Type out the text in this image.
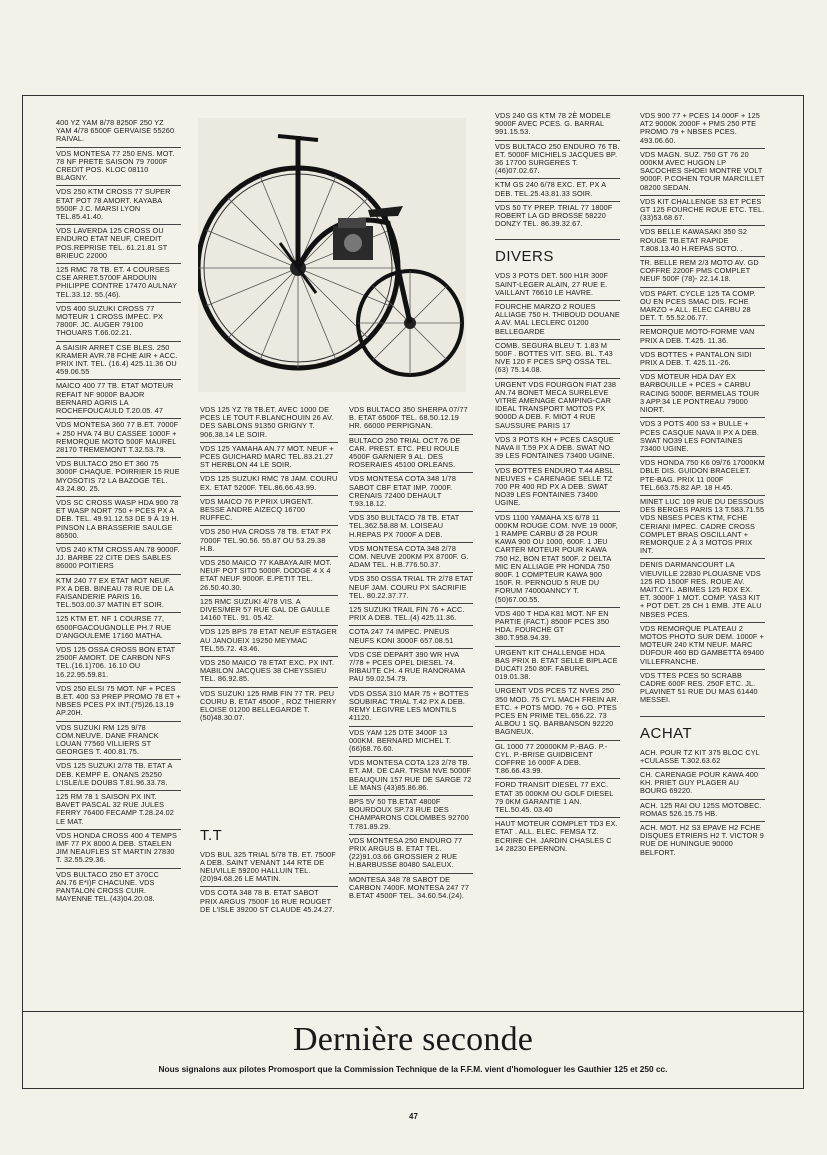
400 YZ YAM 8/78 8250F 250 YZ YAM 4/78 6500F GERVAISE 55260 RAIVAL.

VDS MONTESA 77 250 ENS. MOT. 78 NF PRETE SAISON 79 7000F CREDIT POS. KLOC 08110 BLAGNY.

VDS 250 KTM CROSS 77 SUPER ETAT POT 78 AMORT. KAYABA 5500F J.C. MARSI LYON TEL.85.41.40.

VDS LAVERDA 125 CROSS OU ENDURO ETAT NEUF, CREDIT POS.REPRISE TEL. 61.21.81 ST BRIEUC 22000

125 RMC 78 TB. ET. 4 COURSES CSE ARRET.5700F ARDOUIN PHILIPPE CONTRE 17470 AULNAY TEL.33.12. 55.(46).

VDS 400 SUZUKI CROSS 77 MOTEUR 1 CROSS IMPEC. PX 7800F. JC. AUGER 79100 THOUARS T.66.02.21.

A SAISIR ARRET CSE BLES. 250 KRAMER AVR.78 FCHE AIR + ACC. PRIX INT. TEL. (16.4) 425.11.36 OU 459.06.55

MAICO 400 77 TB. ETAT MOTEUR REFAIT NF 9000F BAJOR BERNARD AGRIS LA ROCHEFOUCAULD T.20.05. 47

VDS MONTESA 360 77 B.ET. 7000F + 250 HVA 74 BU CASSEE 1000F + REMORQUE MOTO 500F MAUREL 28170 TREMEMONT T.32.53.79.

VDS BULTACO 250 ET 360 75 3000F CHAQUE. POIRRIER 15 RUE MYOSOTIS 72 LA BAZOGE TEL. 43.24.80. 25.

VDS SC CROSS WASP HDA 900 78 ET WASP NORT 750 + PCES PX A DEB. TEL. 49.91.12.53 DE 9 À 19 H. PINSON LA BRASSERIE SAULGE 86500.

VDS 240 KTM CROSS AN.78 9000F. JJ. BARBE 22 CITE DES SABLES 86000 POITIERS

KTM 240 77 EX ETAT MOT NEUF. PX A DEB. BINEAU 78 RUE DE LA FAISANDERIE PARIS 16. TEL.503.00.37 MATIN ET SOIR.

125 KTM ET. NF 1 COURSE 77, 6500FGACOUGNOLLE PH.7 RUE D'ANGOULEME 17160 MATHA.

VDS 125 OSSA CROSS BON ETAT 2500F AMORT. DE CARBON NFS TEL.(16.1)706. 16.10 OU 16.22.95.59.81.

VDS 250 ELSI 75 MOT. NF + PCES B.ET. 400 S3 PREP PROMO 78 ET + NBSES PCES PX INT.(75)26.13.19 AP.20H.

VDS SUZUKI RM 125 9/78 COM.NEUVE. DANE FRANCK LOUAN 77560 VILLIERS ST GEORGES T. 400.81.75.

VDS 125 SUZUKI 2/78 TB. ETAT A DEB. KEMPF E. ONANS 25250 L'ISLE/LE DOUBS T.81.96.33.78.

125 RM 78 1 SAISON PX INT. BAVET PASCAL 32 RUE JULES FERRY 76400 FECAMP T.28.24.02 LE MAT.

VDS HONDA CROSS 400 4 TEMPS IMF 77 PX 8000 A DEB. STAELEN JIM NEAUFLES ST MARTIN 27830 T. 32.55.29.36.

VDS BULTACO 250 ET 370CC AN.76 E*I)F CHACUNE. VDS PANTALON CROSS CUIR. MAYENNE TEL.(43)04.20.08.

VDS 125 YZ 78 TB.ET. AVEC 1000 DE PCES LE TOUT F.BLANCHOUIN 26 AV. DES SABLONS 91350 GRIGNY T. 906.38.14 LE SOIR.

VDS 125 YAMAHA AN.77 MOT. NEUF + PCES GUICHARD MARC TEL.83.21.27 ST HERBLON 44 LE SOIR.

VDS 125 SUZUKI RMC 78 JAM. COURU EX. ETAT 5200F. TEL.86.66.43.99.

VDS MAICO 76 P.PRIX URGENT. BESSE ANDRE AIZECQ 16700 RUFFEC.

VDS 250 HVA CROSS 78 TB. ETAT PX 7000F TEL.90.56. 55.87 OU 53.29.38 H.B.

VDS 250 MAICO 77 KABAYA AIR MOT. NEUF POT SITO 5000F. DODGE 4 X 4 ETAT NEUF 9000F. E.PETIT TEL. 26.50.40.30.

125 RMC SUZUKI 4/78 VIS. A DIVES/MER 57 RUE GAL DE GAULLE 14160 TEL. 91. 05.42.

VDS 125 BPS 78 ETAT NEUF ESTAGER AU JANOUEIX 19250 MEYMAC TEL.55.72. 43.46.

VDS 250 MAICO 78 ETAT EXC. PX INT. MABILON JACQUES 38 CHEYSSIEU TEL. 86.92.85.

VDS SUZUKI 125 RMB FIN 77 TR. PEU COURU B. ETAT 4500F , ROZ THIERRY ELOISE 01200 BELLEGARDE T. (50)48.30.07.

T.T

VDS BUL 325 TRIAL 5/78 TB. ET. 7500F A DEB. SAINT VENANT 144 RTE DE NEUVILLE 59200 HALLUIN TEL. (20)94.68.26 LE MATIN.

VDS COTA 348 78 B. ETAT SABOT PRIX ARGUS 7500F 16 RUE ROUGET DE L'ISLE 39200 ST CLAUDE 45.24.27.

VDS BULTACO 350 SHERPA 07/77 B. ETAT 6500F TEL. 68.50.12.19 HR. 66000 PERPIGNAN.

BULTACO 250 TRIAL OCT.76 DE CAR. PREST. ETC. PEU ROULE 4500F GARNIER 9 AL. DES ROSERAIES 45100 ORLEANS.

VDS MONTESA COTA 348 1/78 SABOT CBF ETAT IMP. 7000F. CRENAIS 72400 DEHAULT T.93.18.12.

VDS 350 BULTACO 78 TB. ETAT TEL.362.58.88 M. LOISEAU H.REPAS PX 7000F A DEB.

VDS MONTESA COTA 348 2/78 COM. NEUVE 200KM PX 8700F. G. ADAM TEL. H.B.776.50.37.

VDS 350 OSSA TRIAL TR 2/78 ETAT NEUF JAM. COURU PX SACRIFIE TEL. 80.22.37.77.

125 SUZUKI TRAIL FIN 76 + ACC. PRIX A DEB. TEL.(4) 425.11.36.

COTA 247 74 IMPEC. PNEUS NEUFS KONI 3000F 657.08.51

VDS CSE DEPART 390 WR HVA 7/78 + PCES OPEL DIESEL 74. RIBAUTE CH. 4 RUE RANORAMA PAU 59.02.54.79.

VDS OSSA 310 MAR 75 + BOTTES SOUBIRAC TRIAL T.42 PX A DEB. REMY LEGIVRE LES MONTILS 41120.

VDS YAM 125 DTE 3400F 13 000KM. BERNARD MICHEL T.(66)68.76.60.

VDS MONTESA COTA 123 2/78 TB. ET. AM. DE CAR. TRSM NVE 5000F BEAUQUIN 157 RUE DE SARGE 72 LE MANS (43)85.86.86.

BPS 5V 50 TB.ETAT 4800F BOURDOUX SP.73 RUE DES CHAMPARONS COLOMBES 92700 T.781.89.29.

VDS MONTESA 250 ENDURO 77 PRIX ARGUS B. ETAT TEL.(22)91.03.66 GROSSIER 2 RUE H.BARBUSSE 80480 SALEUX.

MONTESA 348 78 SABOT DE CARBON 7400F. MONTESA 247 77 B.ETAT 4500F TEL. 34.60.54.(24).

VDS 240 GS KTM 78 2È MODELE 9000F AVEC PCES. G. BARRAL 991.15.53.

VDS BULTACO 250 ENDURO 76 TB. ET. 5000F MICHIELS JACQUES BP. 36 17700 SURGERES T.(46)07.02.67.

KTM GS 240 6/78 EXC. ET. PX A DEB. TEL.25.43.81.33 SOIR.

VDS 50 TY PREP. TRIAL 77 1800F ROBERT LA GD BROSSE 58220 DONZY TEL. 86.39.32.67.

DIVERS

VDS 3 POTS DET. 500 H1R 300F SAINT-LEGER ALAIN, 27 RUE E. VAILLANT 76610 LE HAVRE.

FOURCHE MARZO 2 ROUES ALLIAGE 750 H. THIBOUD DOUANE A AV. MAL LECLERC 01200 BELLEGARDE

COMB. SEGURA BLEU T. 1.83 M 500F . BOTTES VIT. SEG. BL. T.43 NVE 120 F PCES SPQ OSSA TEL.(63) 75.14.08.

URGENT VDS FOURGON FIAT 238 AN.74 BONET MECA SURELEVE VITRE AMENAGE CAMPING-CAR IDEAL TRANSPORT MOTOS PX 9000D A DEB. F. MIOT 4 RUE SAUSSURE PARIS 17

VDS 3 POTS KH + PCES CASQUE NAVA II T.59 PX A DEB. SWAT NO 39 LES FONTAINES 73400 UGINE.

VDS BOTTES ENDURO T.44 ABSL NEUVES + CARENAGE SELLE TZ 700 PR 400 RD PX A DEB. SWAT NO39 LES FONTAINES 73400 UGINE.

VDS 1100 YAMAHA XS 6/78 11 000KM ROUGE COM. NVE 19 000F, 1 RAMPE CARBU Ø 28 POUR KAWA 900 OU 1000, 600F. 1 JEU CARTER MOTEUR POUR KAWA 750 H2, BON ETAT 500F. 2 DELTA MIC EN ALLIAGE PR HONDA 750 800F. 1 COMPTEUR KAWA 900 150F. R. PERNOUD 5 RUE DU FORUM 74000ANNCY T.(50)67.00.55.

VDS 400 T HDA K81 MOT. NF EN PARTIE (FACT.) 8500F PCES 350 HDA. FOURCHE GT 380.T.958.94.39.

URGENT KIT CHALLENGE HDA BAS PRIX B. ETAT SELLE BIPLACE DUCATI 250 80F. FABUREL 019.01.38.

URGENT VDS PCES TZ NVES 250 350 MOD. 75 CYL MACH FREIN AR. ETC. + POTS MOD. 76 + GO. PTES PCES EN PRIME TEL.656.22. 73 ALBOU 1 SQ. BARBANSON 92220 BAGNEUX.

GL 1000 77 20000KM P.-BAG. P.-CYL. P.-BRISE GUIDBICENT COFFRE 16 000F A DEB. T.86.66.43.99.

FORD TRANSIT DIESEL 77 EXC. ETAT 35 000KM OU GOLF DIESEL 79 0KM GARANTIE 1 AN. TEL.50.45. 03.40

HAUT MOTEUR COMPLET TD3 EX. ETAT . ALL. ELEC. FEMSA TZ. ECRIRE CH. JARDIN CHASLES C 14 28230 EPERNON.

VDS 900 77 + PCES 14 000F + 125 AT2 9000K 2000F + PMS 250 PTE PROMO 79 + NBSES PCES. 493.06.60.

VDS MAGN. SUZ. 750 GT 76 20 000KM AVEC HUGON LP SACOCHES SHOEI MONTRE VOLT 9000F. P.COHEN TOUR MARCILLET 08200 SEDAN.

VDS KIT CHALLENGE S3 ET PCES GT 125 FOURCHE ROUE ETC. TEL.(33)53.68.67.

VDS BELLE KAWASAKI 350 S2 ROUGE TB.ETAT RAPIDE T.808.13.40 H.REPAS SOTO. .

TR. BELLE REM 2/3 MOTO AV. GD COFFRE 2200F PMS COMPLET NEUF 500F (78)- 22.14.18.

VDS PART. CYCLE 125 TA COMP. OU EN PCES SMAC DIS. FCHE MARZO + ALL. ELEC CARBU 28 DET. T. 55.52.06.77.

REMORQUE MOTO-FORME VAN PRIX A DEB. T.425. 11.36.

VDS BOTTES + PANTALON SIDI PRIX A DEB. T. 425.11.-26.

VDS MOTEUR HDA DAY EX BARBOUILLE + PCES + CARBU RACING 5000F. BERMELAS TOUR 3 APP.34 LE PONTREAU 79000 NIORT.

VDS 3 POTS 400 S3 + BULLE + PCES CASQUE NAVA II PX A DEB. SWAT NO39 LES FONTAINES 73400 UGINE.

VDS HONDA 750 K6 09/76 17000KM DBLE DIS. GUIDON BRACELET. PTE-BAG. PRIX 11 000F TEL.663.75.82 AP. 18 H.45.

MINET LUC 109 RUE DU DESSOUS DES BERGES PARIS 13 T.583.71.55 VDS NBSES PCES KTM, FCHE CERIANI IMPEC. CADRE CROSS COMPLET BRAS OSCILLANT + REMORQUE 2 À 3 MOTOS PRIX INT.

DENIS DARMANCOURT LA VIEUVILLE 22830 PLOUASNE VDS 125 RD 1500F RES. ROUE AV. MAIT.CYL. ABIMES 125 RDX EX. ET. 3000F 1 MOT. COMP. YAS3 KIT + POT DET. 25 CH 1 EMB. JTE ALU NBSES PCES.

VDS REMORQUE PLATEAU 2 MOTOS PHOTO SUR DEM. 1000F + MOTEUR 240 KTM NEUF. MARC DUFOUR 460 BD GAMBETTA 69400 VILLEFRANCHE.

VDS TTES PCES 50 SCRABB CADRE 600F RES. 250F ETC. JL. PLAVINET 51 RUE DU MAS 61440 MESSEI.

ACHAT

ACH. POUR TZ KIT 375 BLOC CYL +CULASSE T.302.63.62

CH. CARENAGE POUR KAWA 400 KH. PRIET GUY PLAGER AU BOURG 69220.

ACH. 125 RAI OU 125S MOTOBEC. ROMAS 526.15.75 HB.

ACH. MOT. H2 S3 EPAVE H2 FCHE DISQUES ETRIERS H2 T. VICTOR 9 RUE DE HUNINGUE 90000 BELFORT.

Dernière seconde
Nous signalons aux pilotes Promosport que la Commission Technique de la F.F.M. vient d'homologuer les Gauthier 125 et 250 cc.
47
